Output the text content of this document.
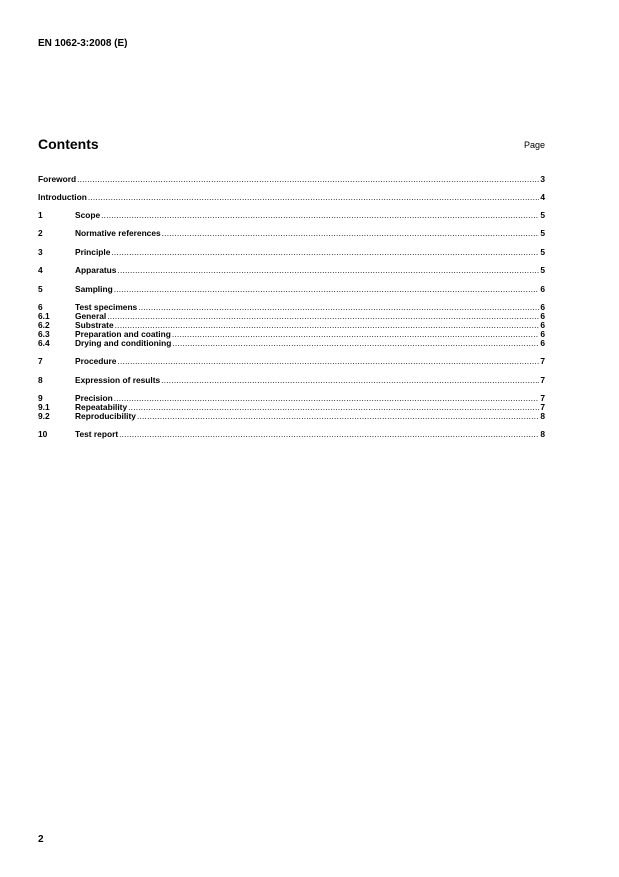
EN 1062-3:2008 (E)
Contents	Page
Foreword .....	3
Introduction .....	4
1	Scope .....	5
2	Normative references .....	5
3	Principle .....	5
4	Apparatus .....	5
5	Sampling .....	6
6	Test specimens .....	6
6.1	General .....	6
6.2	Substrate .....	6
6.3	Preparation and coating .....	6
6.4	Drying and conditioning .....	6
7	Procedure .....	7
8	Expression of results .....	7
9	Precision .....	7
9.1	Repeatability .....	7
9.2	Reproducibility .....	8
10	Test report .....	8
2
